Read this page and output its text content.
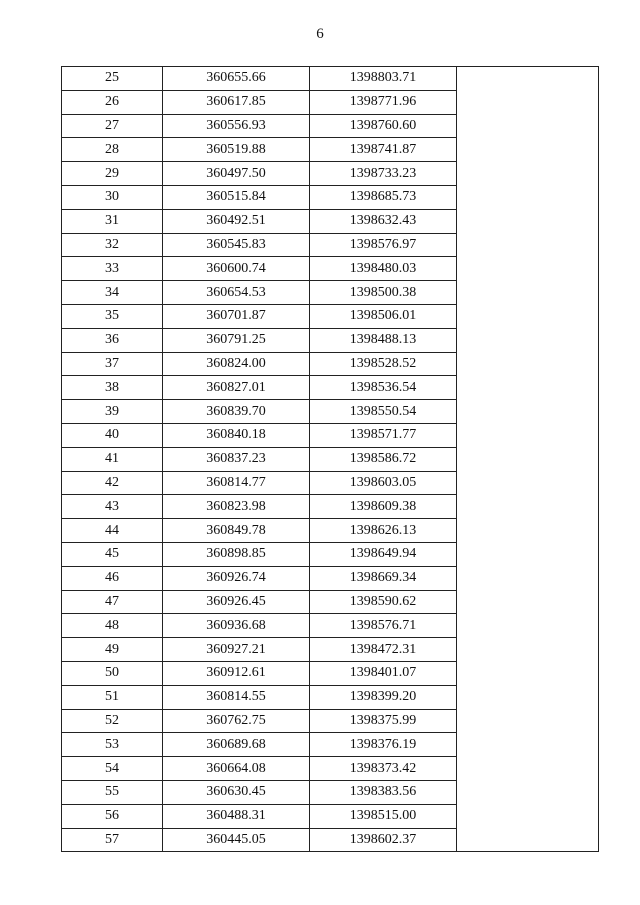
6
25	360655.66	1398803.71	
26	360617.85	1398771.96	
27	360556.93	1398760.60	
28	360519.88	1398741.87	
29	360497.50	1398733.23	
30	360515.84	1398685.73	
31	360492.51	1398632.43	
32	360545.83	1398576.97	
33	360600.74	1398480.03	
34	360654.53	1398500.38	
35	360701.87	1398506.01	
36	360791.25	1398488.13	
37	360824.00	1398528.52	
38	360827.01	1398536.54	
39	360839.70	1398550.54	
40	360840.18	1398571.77	
41	360837.23	1398586.72	
42	360814.77	1398603.05	
43	360823.98	1398609.38	
44	360849.78	1398626.13	
45	360898.85	1398649.94	
46	360926.74	1398669.34	
47	360926.45	1398590.62	
48	360936.68	1398576.71	
49	360927.21	1398472.31	
50	360912.61	1398401.07	
51	360814.55	1398399.20	
52	360762.75	1398375.99	
53	360689.68	1398376.19	
54	360664.08	1398373.42	
55	360630.45	1398383.56	
56	360488.31	1398515.00	
57	360445.05	1398602.37	
